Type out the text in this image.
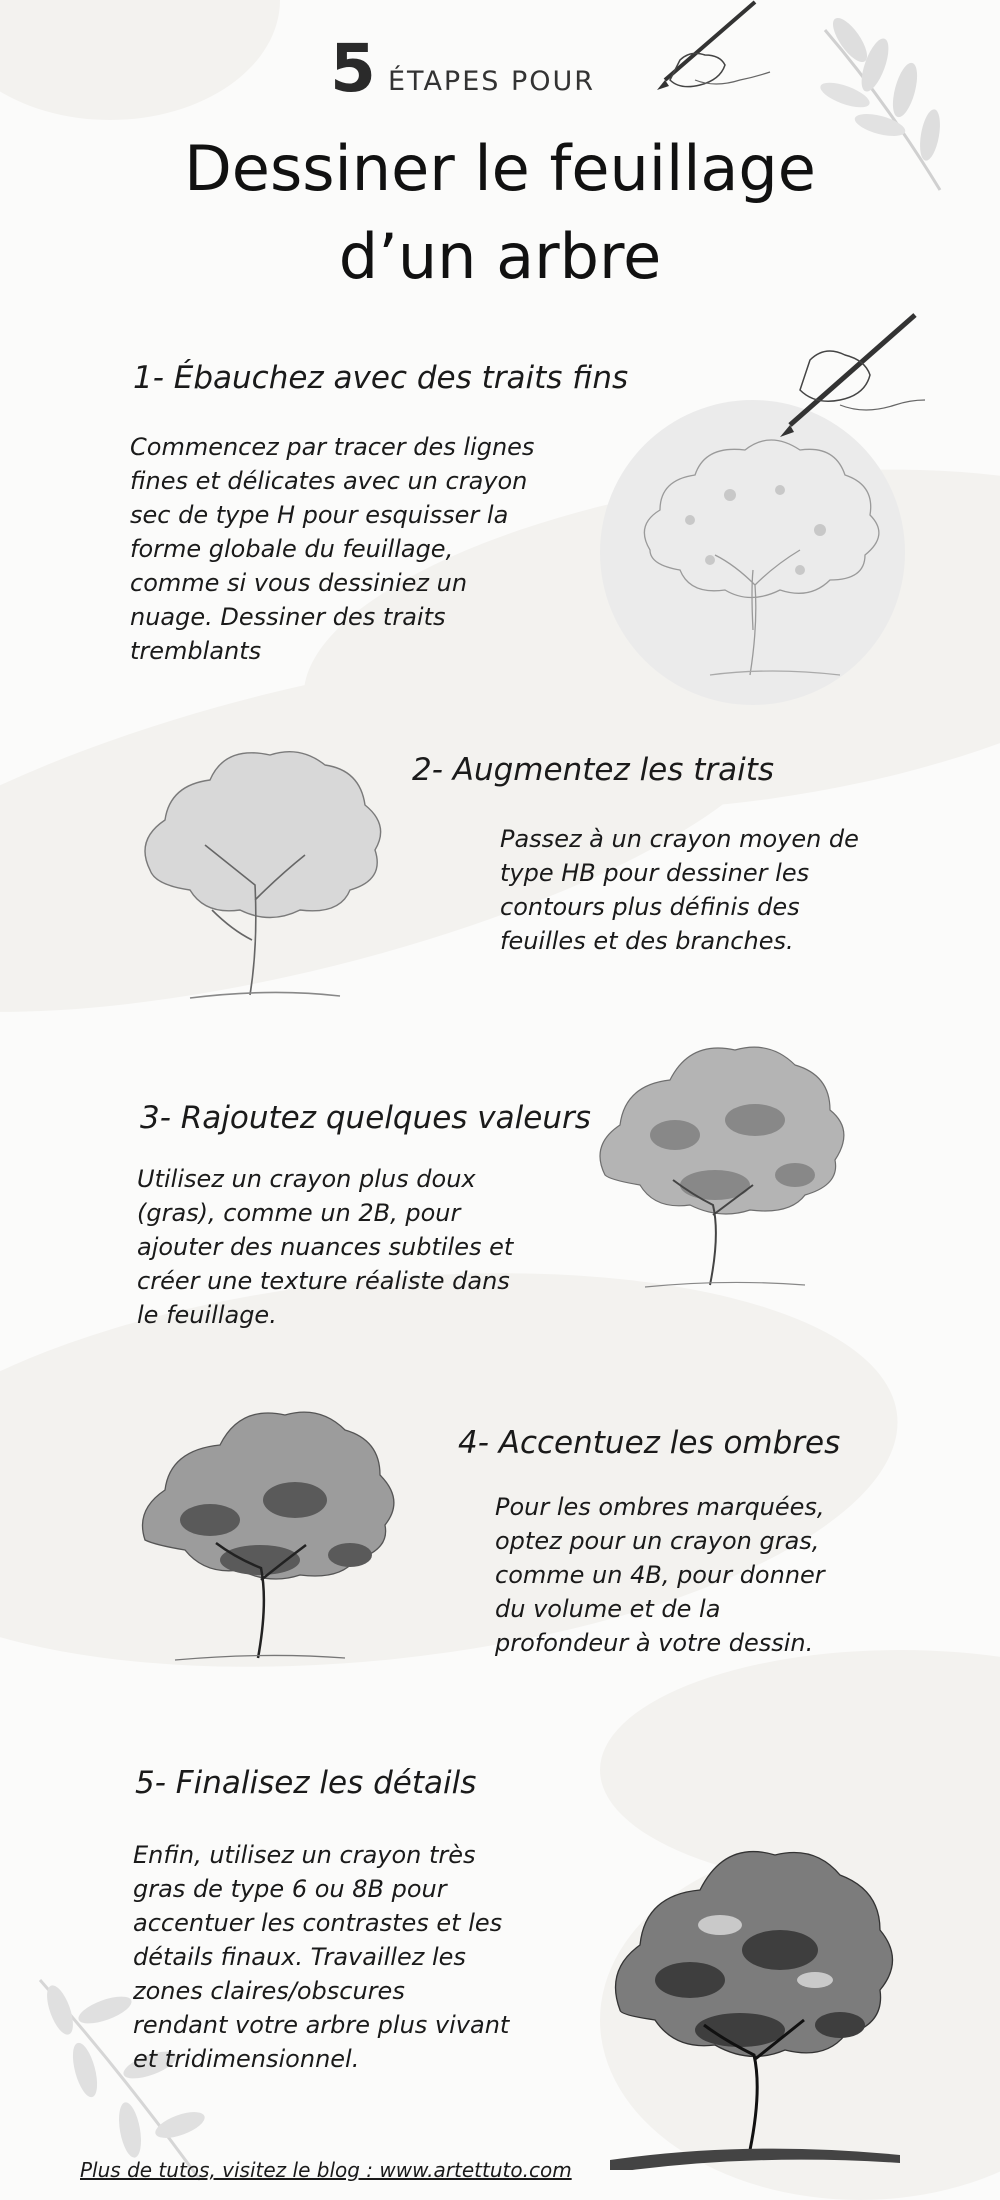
5 ÉTAPES POUR
Dessiner le feuillage
d’un arbre
1- Ébauchez avec des traits fins
Commencez par tracer des lignes
fines et délicates avec un crayon
sec de type H pour esquisser la
forme globale du feuillage,
comme si vous dessiniez un
nuage. Dessiner des traits
tremblants
2- Augmentez les traits
Passez à un crayon moyen de
type HB pour dessiner les
contours plus définis des
feuilles et des branches.
3- Rajoutez quelques valeurs
Utilisez un crayon plus doux
(gras), comme un 2B, pour
ajouter des nuances subtiles et
créer une texture réaliste dans
le feuillage.
4- Accentuez les ombres
Pour les ombres marquées,
optez pour un crayon gras,
comme un 4B, pour donner
du volume et de la
profondeur à votre dessin.
5- Finalisez les détails
Enfin, utilisez un crayon très
gras de type 6 ou 8B pour
accentuer les contrastes et les
détails finaux. Travaillez les
zones claires/obscures
rendant votre arbre plus vivant
et tridimensionnel.
Plus de tutos, visitez le blog : www.artettuto.com
